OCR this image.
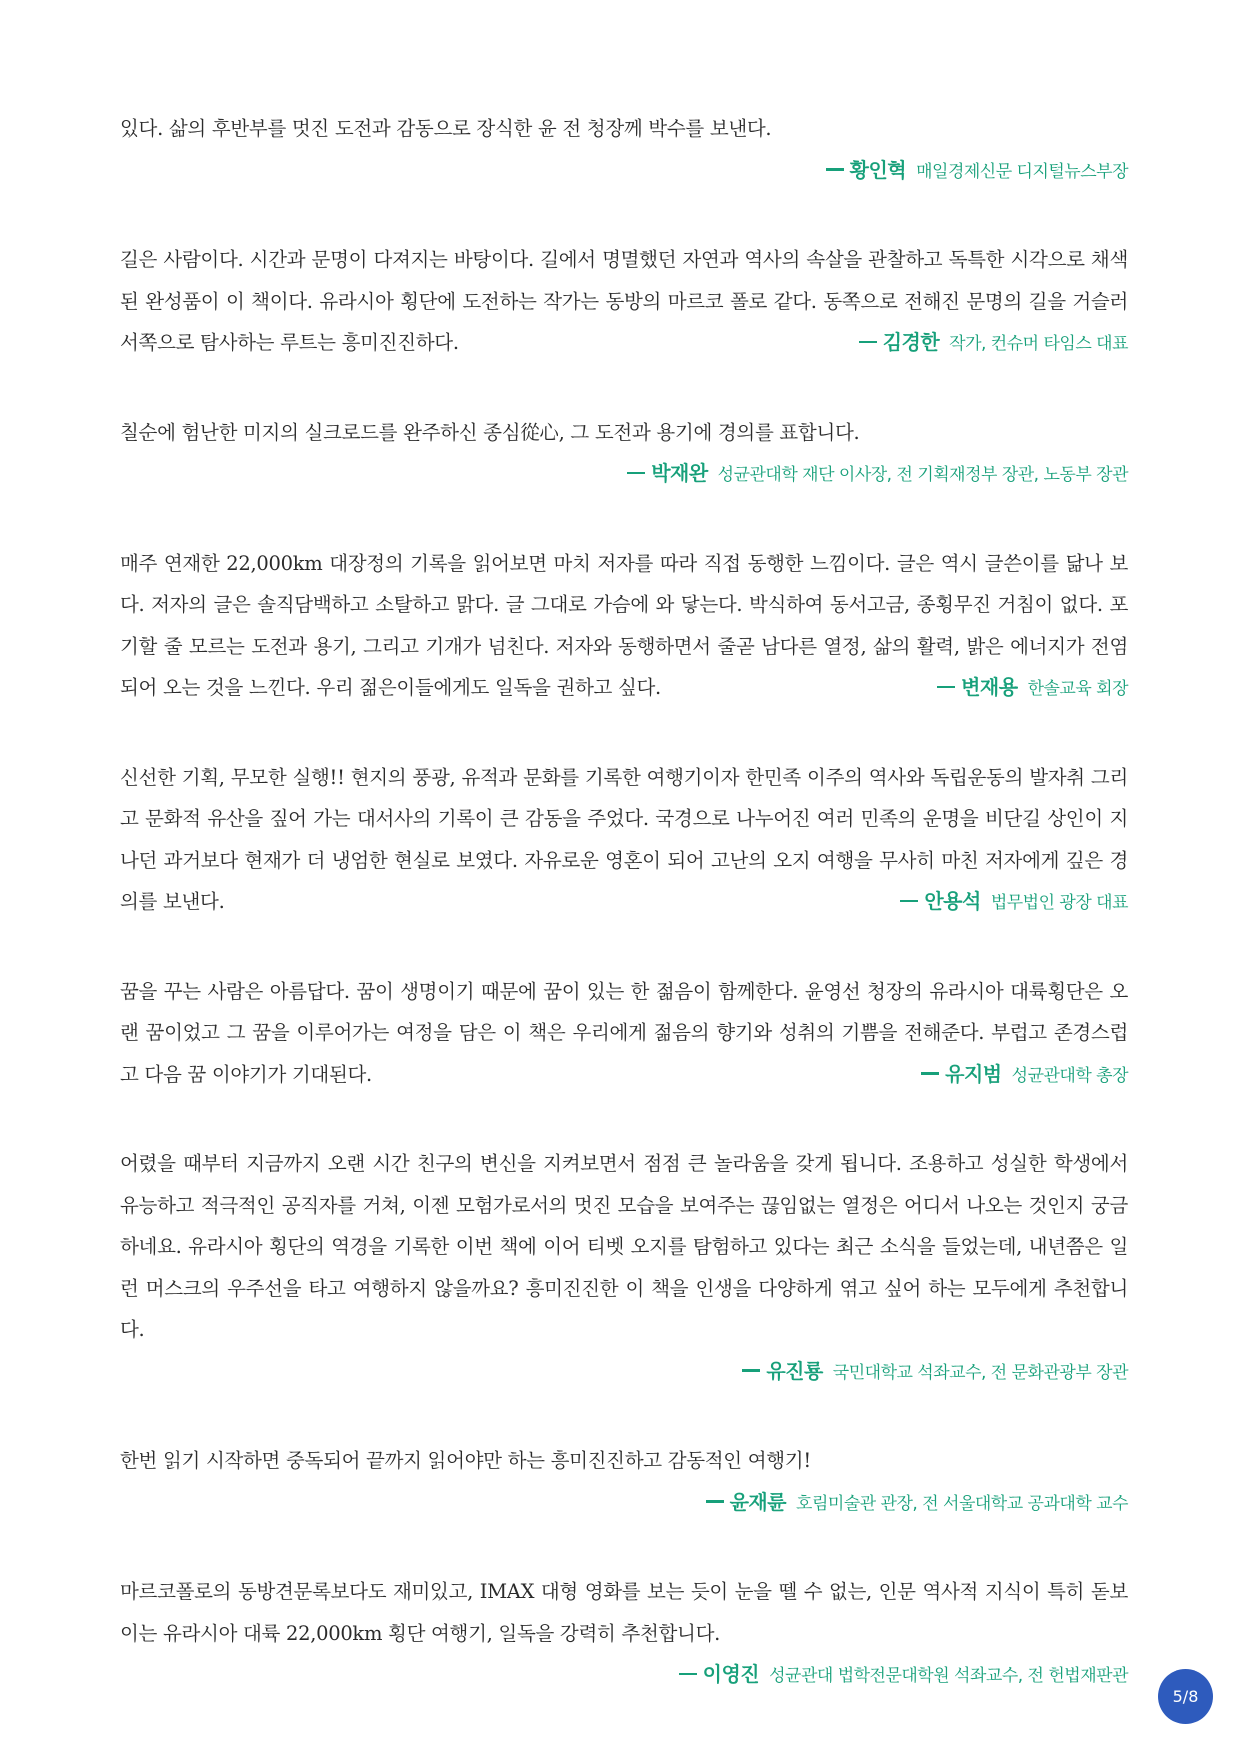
있다. 삶의 후반부를 멋진 도전과 감동으로 장식한 윤 전 청장께 박수를 보낸다.

황인혁 매일경제신문 디지털뉴스부장

길은 사람이다. 시간과 문명이 다져지는 바탕이다. 길에서 명멸했던 자연과 역사의 속살을 관찰하고 독특한 시각으로 채색된 완성품이 이 책이다. 유라시아 횡단에 도전하는 작가는 동방의 마르코 폴로 같다. 동쪽으로 전해진 문명의 길을 거슬러 서쪽으로 탐사하는 루트는 흥미진진하다.	김경한 작가, 컨슈머 타임스 대표

칠순에 험난한 미지의 실크로드를 완주하신 종심從心, 그 도전과 용기에 경의를 표합니다.

박재완 성균관대학 재단 이사장, 전 기획재정부 장관, 노동부 장관

매주 연재한 22,000km 대장정의 기록을 읽어보면 마치 저자를 따라 직접 동행한 느낌이다. 글은 역시 글쓴이를 닮나 보다. 저자의 글은 솔직담백하고 소탈하고 맑다. 글 그대로 가슴에 와 닿는다. 박식하여 동서고금, 종횡무진 거침이 없다. 포기할 줄 모르는 도전과 용기, 그리고 기개가 넘친다. 저자와 동행하면서 줄곧 남다른 열정, 삶의 활력, 밝은 에너지가 전염되어 오는 것을 느낀다. 우리 젊은이들에게도 일독을 권하고 싶다.	변재용 한솔교육 회장

신선한 기획, 무모한 실행!! 현지의 풍광, 유적과 문화를 기록한 여행기이자 한민족 이주의 역사와 독립운동의 발자취 그리고 문화적 유산을 짚어 가는 대서사의 기록이 큰 감동을 주었다. 국경으로 나누어진 여러 민족의 운명을 비단길 상인이 지나던 과거보다 현재가 더 냉엄한 현실로 보였다. 자유로운 영혼이 되어 고난의 오지 여행을 무사히 마친 저자에게 깊은 경의를 보낸다.	안용석 법무법인 광장 대표

꿈을 꾸는 사람은 아름답다. 꿈이 생명이기 때문에 꿈이 있는 한 젊음이 함께한다. 윤영선 청장의 유라시아 대륙횡단은 오랜 꿈이었고 그 꿈을 이루어가는 여정을 담은 이 책은 우리에게 젊음의 향기와 성취의 기쁨을 전해준다. 부럽고 존경스럽고 다음 꿈 이야기가 기대된다.	유지범 성균관대학 총장

어렸을 때부터 지금까지 오랜 시간 친구의 변신을 지켜보면서 점점 큰 놀라움을 갖게 됩니다. 조용하고 성실한 학생에서 유능하고 적극적인 공직자를 거쳐, 이젠 모험가로서의 멋진 모습을 보여주는 끊임없는 열정은 어디서 나오는 것인지 궁금하네요. 유라시아 횡단의 역경을 기록한 이번 책에 이어 티벳 오지를 탐험하고 있다는 최근 소식을 들었는데, 내년쯤은 일런 머스크의 우주선을 타고 여행하지 않을까요? 흥미진진한 이 책을 인생을 다양하게 엮고 싶어 하는 모두에게 추천합니다.

유진룡 국민대학교 석좌교수, 전 문화관광부 장관

한번 읽기 시작하면 중독되어 끝까지 읽어야만 하는 흥미진진하고 감동적인 여행기!

윤재륜 호림미술관 관장, 전 서울대학교 공과대학 교수

마르코폴로의 동방견문록보다도 재미있고, IMAX 대형 영화를 보는 듯이 눈을 뗄 수 없는, 인문 역사적 지식이 특히 돋보이는 유라시아 대륙 22,000km 횡단 여행기, 일독을 강력히 추천합니다.

이영진 성균관대 법학전문대학원 석좌교수, 전 헌법재판관
5/8
